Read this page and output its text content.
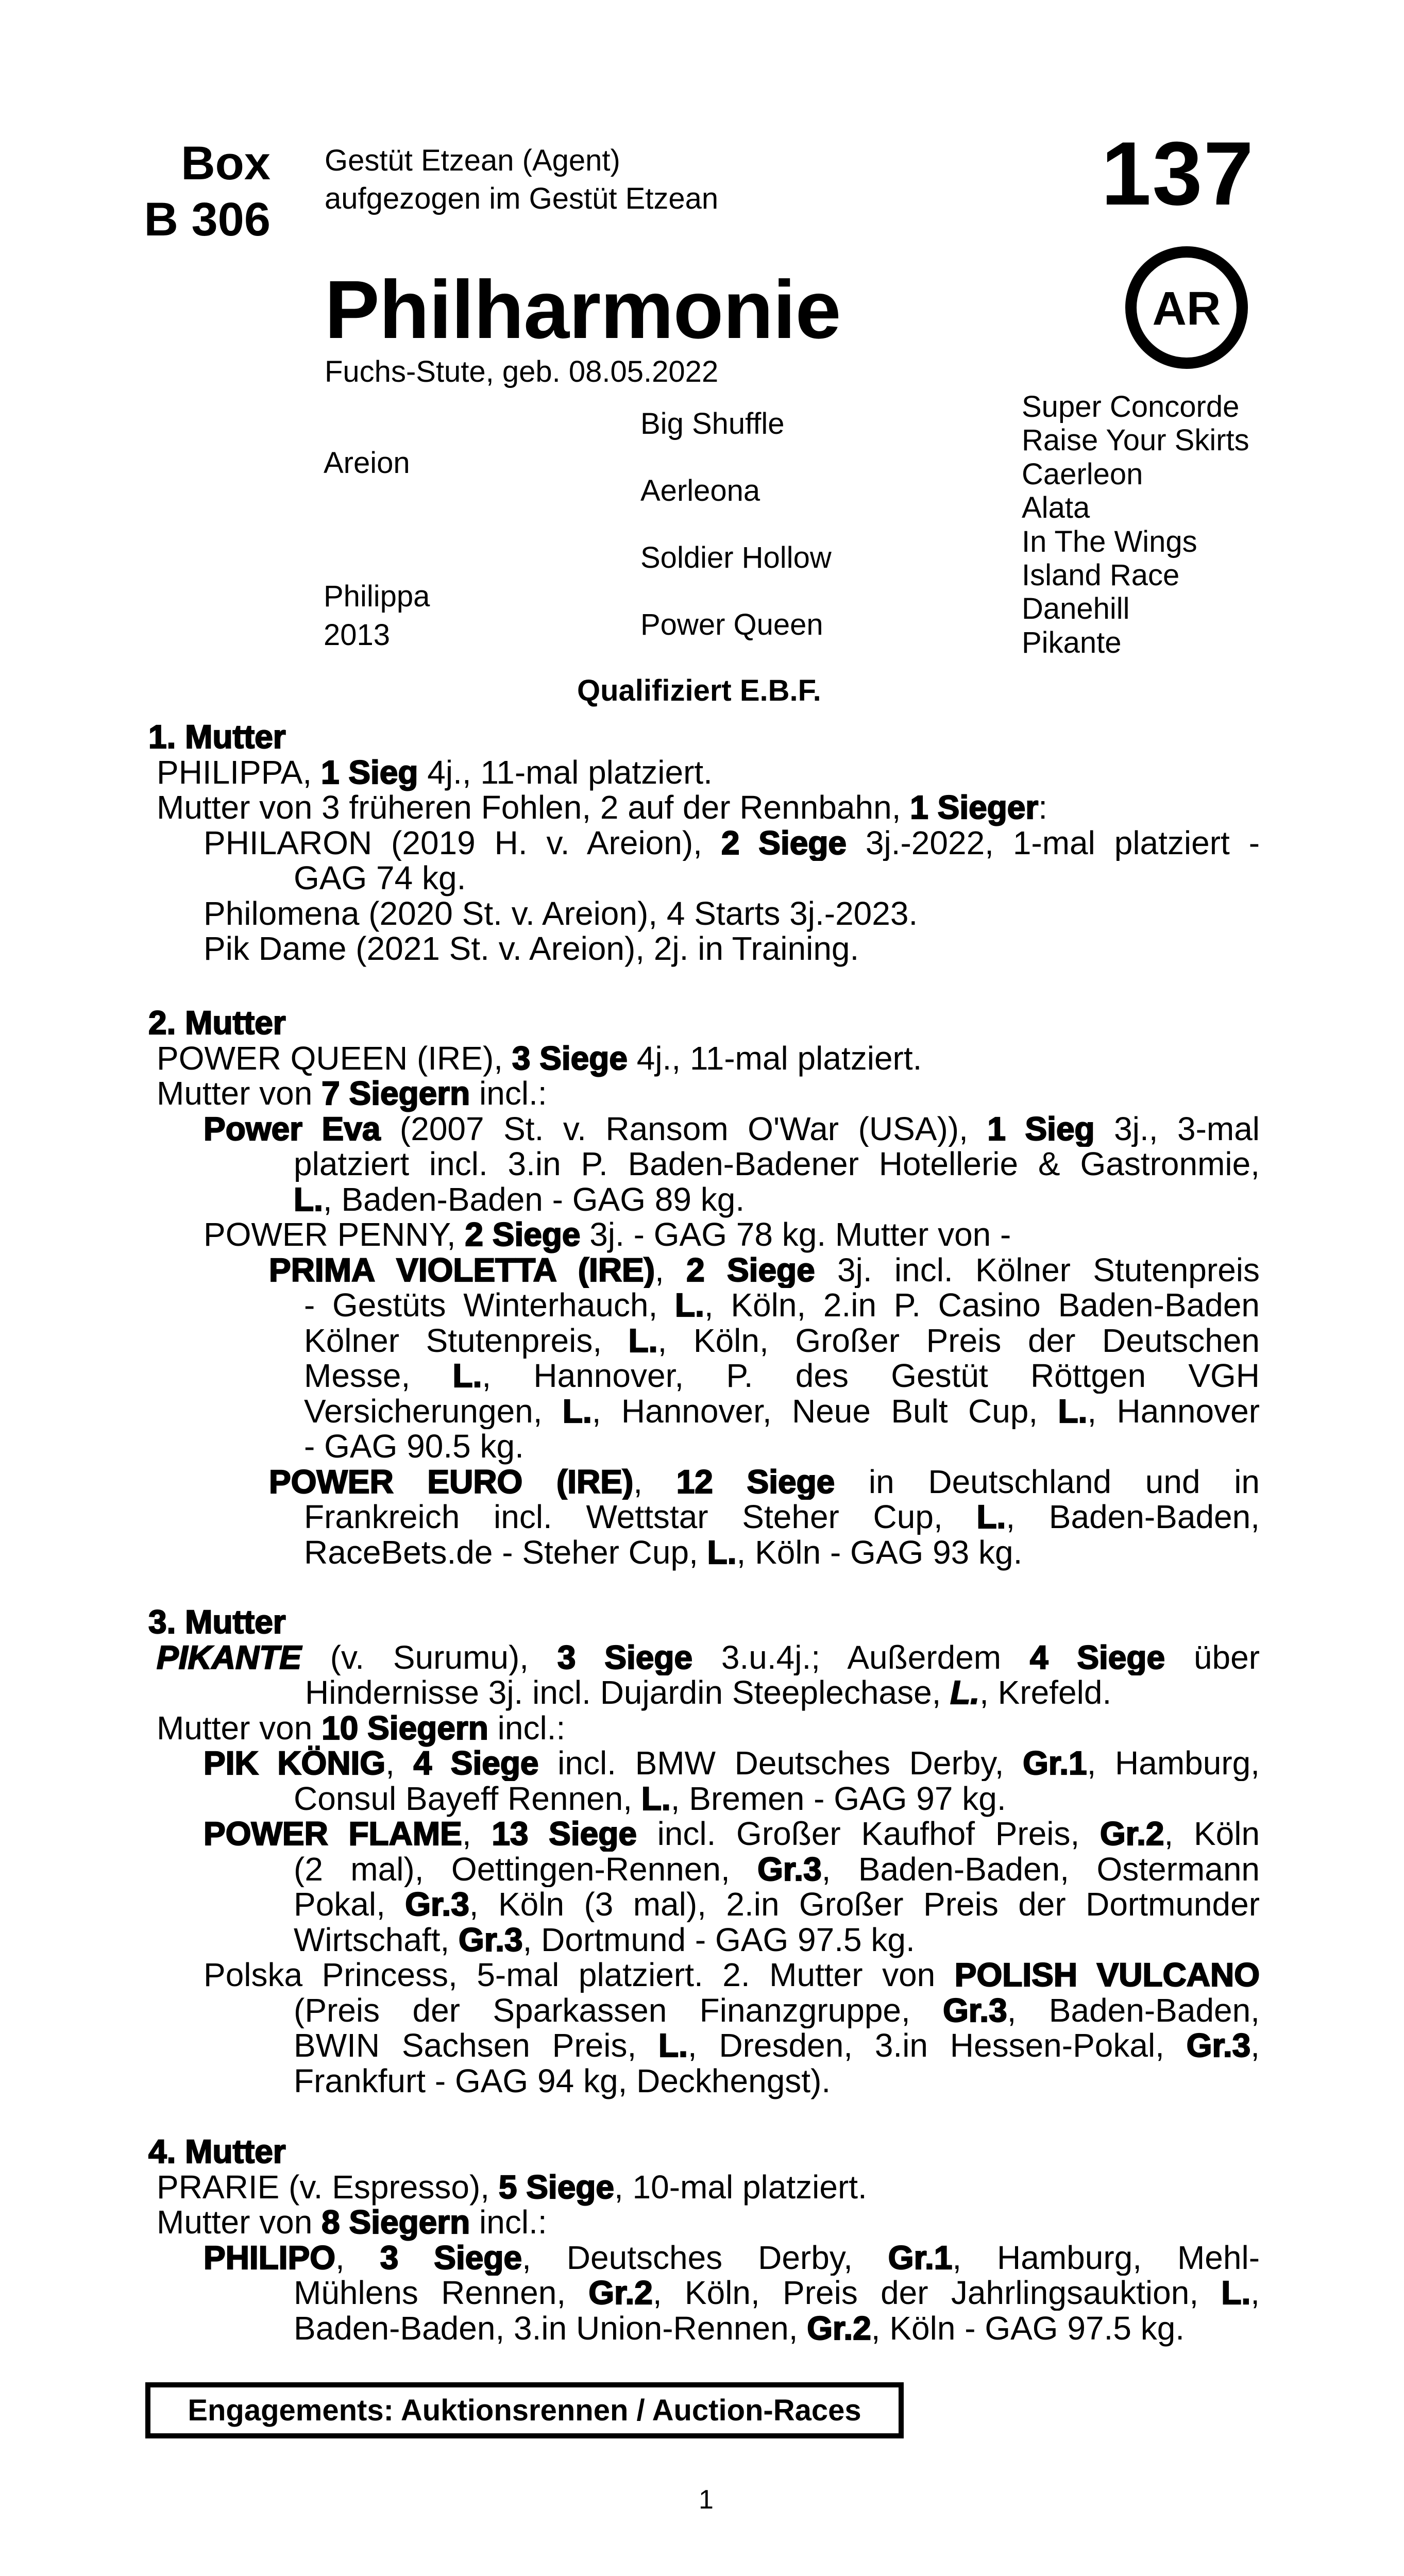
Box
B 306
Gestüt Etzean (Agent)
aufgezogen im Gestüt Etzean	137
AR
Philharmonie
Fuchs-Stute, geb. 08.05.2022
Areion
Philippa
2013
Big Shuffle
Aerleona
Soldier Hollow
Power Queen
Super Concorde
Raise Your Skirts
Caerleon
Alata
In The Wings
Island Race
Danehill
Pikante
Qualifiziert E.B.F.
1. Mutter
PHILIPPA, 1 Sieg 4j., 11-mal platziert.
Mutter von 3 früheren Fohlen, 2 auf der Rennbahn, 1 Sieger:
PHILARON (2019 H. v. Areion), 2 Siege 3j.-2022, 1-mal platziert -
GAG 74 kg.
Philomena (2020 St. v. Areion), 4 Starts 3j.-2023.
Pik Dame (2021 St. v. Areion), 2j. in Training.
2. Mutter
POWER QUEEN (IRE), 3 Siege 4j., 11-mal platziert.
Mutter von 7 Siegern incl.:
Power Eva (2007 St. v. Ransom O'War (USA)), 1 Sieg 3j., 3-mal
platziert incl. 3.in P. Baden-Badener Hotellerie & Gastronmie,
L., Baden-Baden - GAG 89 kg.
POWER PENNY, 2 Siege 3j. - GAG 78 kg. Mutter von -
PRIMA VIOLETTA (IRE), 2 Siege 3j. incl. Kölner Stutenpreis
- Gestüts Winterhauch, L., Köln, 2.in P. Casino Baden-Baden
Kölner Stutenpreis, L., Köln, Großer Preis der Deutschen
Messe, L., Hannover, P. des Gestüt Röttgen VGH
Versicherungen, L., Hannover, Neue Bult Cup, L., Hannover
- GAG 90.5 kg.
POWER EURO (IRE), 12 Siege in Deutschland und in
Frankreich incl. Wettstar Steher Cup, L., Baden-Baden,
RaceBets.de - Steher Cup, L., Köln - GAG 93 kg.
3. Mutter
PIKANTE (v. Surumu), 3 Siege 3.u.4j.; Außerdem 4 Siege über
Hindernisse 3j. incl. Dujardin Steeplechase, L., Krefeld.
Mutter von 10 Siegern incl.:
PIK KÖNIG, 4 Siege incl. BMW Deutsches Derby, Gr.1, Hamburg,
Consul Bayeff Rennen, L., Bremen - GAG 97 kg.
POWER FLAME, 13 Siege incl. Großer Kaufhof Preis, Gr.2, Köln
(2 mal), Oettingen-Rennen, Gr.3, Baden-Baden, Ostermann
Pokal, Gr.3, Köln (3 mal), 2.in Großer Preis der Dortmunder
Wirtschaft, Gr.3, Dortmund - GAG 97.5 kg.
Polska Princess, 5-mal platziert. 2. Mutter von POLISH VULCANO
(Preis der Sparkassen Finanzgruppe, Gr.3, Baden-Baden,
BWIN Sachsen Preis, L., Dresden, 3.in Hessen-Pokal, Gr.3,
Frankfurt - GAG 94 kg, Deckhengst).
4. Mutter
PRARIE (v. Espresso), 5 Siege, 10-mal platziert.
Mutter von 8 Siegern incl.:
PHILIPO, 3 Siege, Deutsches Derby, Gr.1, Hamburg, Mehl-
Mühlens Rennen, Gr.2, Köln, Preis der Jahrlingsauktion, L.,
Baden-Baden, 3.in Union-Rennen, Gr.2, Köln - GAG 97.5 kg.
Engagements: Auktionsrennen / Auction-Races
1
